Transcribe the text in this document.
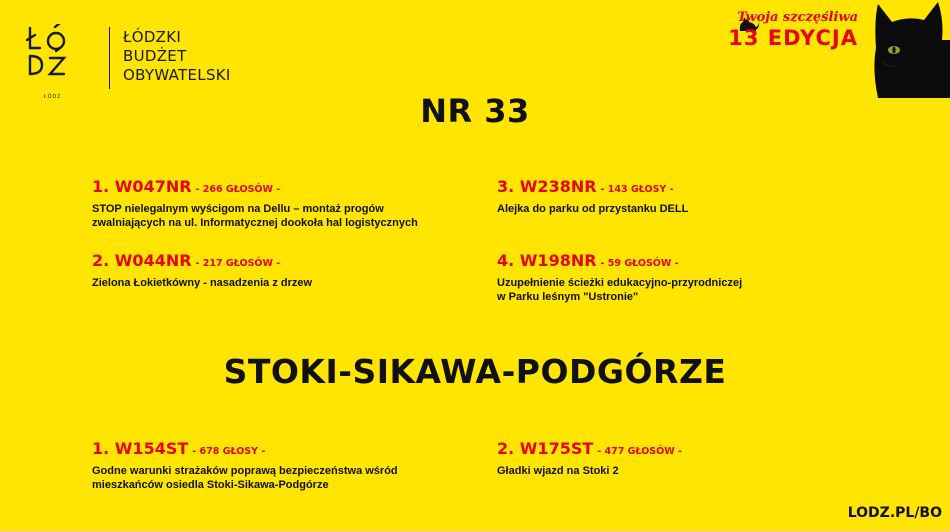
ŁÓDŹ
ŁÓDZKI
BUDŻET
OBYWATELSKI
Twoja szczęśliwa
13 EDYCJA
NR 33
1. W047NR - 266 GŁOSÓW -
STOP nielegalnym wyścigom na Dellu – montaż progów
zwalniających na ul. Informatycznej dookoła hal logistycznych
2. W044NR - 217 GŁOSÓW -
Zielona Łokietkówny - nasadzenia z drzew
3. W238NR - 143 GŁOSY -
Alejka do parku od przystanku DELL
4. W198NR - 59 GŁOSÓW -
Uzupełnienie ścieżki edukacyjno-przyrodniczej
w Parku leśnym "Ustronie"
STOKI-SIKAWA-PODGÓRZE
1. W154ST - 678 GŁOSY -
Godne warunki strażaków poprawą bezpieczeństwa wśród
mieszkańców osiedla Stoki-Sikawa-Podgórze
2. W175ST - 477 GŁOSÓW -
Gładki wjazd na Stoki 2
LODZ.PL/BO
